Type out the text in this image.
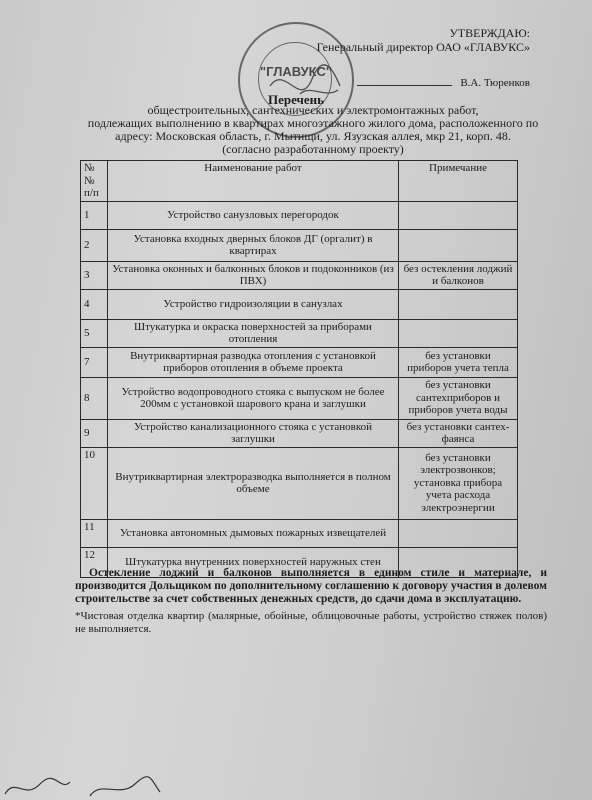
"ГЛАВУКС"
УТВЕРЖДАЮ:
Генеральный директор ОАО «ГЛАВУКС»
В.А. Тюренков
Перечень
общестроительных, сантехнических и электромонтажных работ,
подлежащих выполнению в квартирах многоэтажного жилого дома, расположенного по
адресу: Московская область, г. Мытищи, ул. Язузская аллея, мкр 21, корп. 48.
(согласно разработанному проекту)
№№ п/п	Наименование работ	Примечание
1	Устройство санузловых перегородок	
2	Установка входных дверных блоков ДГ (оргалит) в квартирах	
3	Установка оконных и балконных блоков и подоконников (из ПВХ)	без остекления лоджий и балконов
4	Устройство гидроизоляции в санузлах	
5	Штукатурка и окраска поверхностей за приборами отопления	
7	Внутриквартирная разводка отопления с установкой приборов отопления в объеме проекта	без установки приборов учета тепла
8	Устройство водопроводного стояка с выпуском не более 200мм с установкой шарового крана и заглушки	без установки сантехприборов и приборов учета воды
9	Устройство канализационного стояка с установкой заглушки	без установки сантех-фаянса
10	Внутриквартирная электроразводка выполняется в полном объеме	без установки электрозвонков; установка прибора учета расхода электроэнергии
11	Установка автономных дымовых пожарных извещателей	
12	Штукатурка внутренних поверхностей наружных стен	
Остекление лоджий и балконов выполняется в едином стиле и материале, и производится Дольщиком по дополнительному соглашению к договору участия в долевом строительстве за счет собственных денежных средств, до сдачи дома в эксплуатацию.
*Чистовая отделка квартир (малярные, обойные, облицовочные работы, устройство стяжек полов) не выполняется.
